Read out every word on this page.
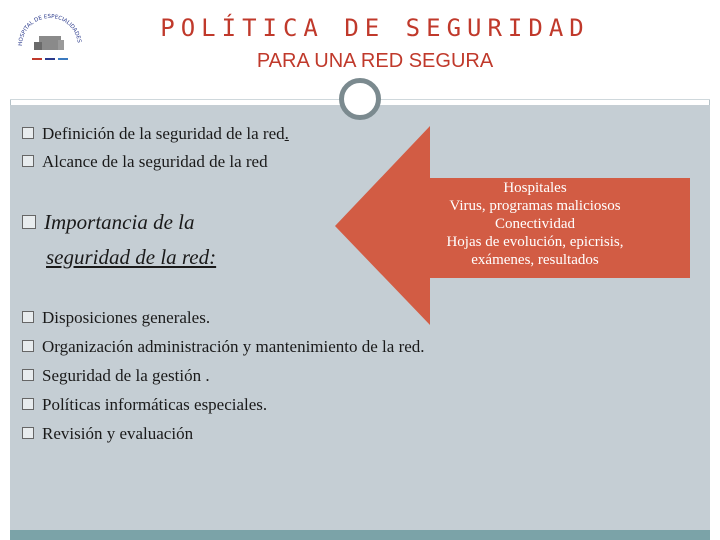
HOSPITAL DE ESPECIALIDADES	POLÍTICA DE SEGURIDAD
PARA UNA RED SEGURA
Definición de la seguridad de la red.
Alcance de la seguridad de la red
Importancia de la
seguridad de la red:
Hospitales
Virus, programas maliciosos
Conectividad
Hojas de evolución, epicrisis,
exámenes, resultados
Disposiciones generales.
Organización administración y mantenimiento de la red.
Seguridad de la gestión .
Políticas informáticas especiales.
Revisión y evaluación
